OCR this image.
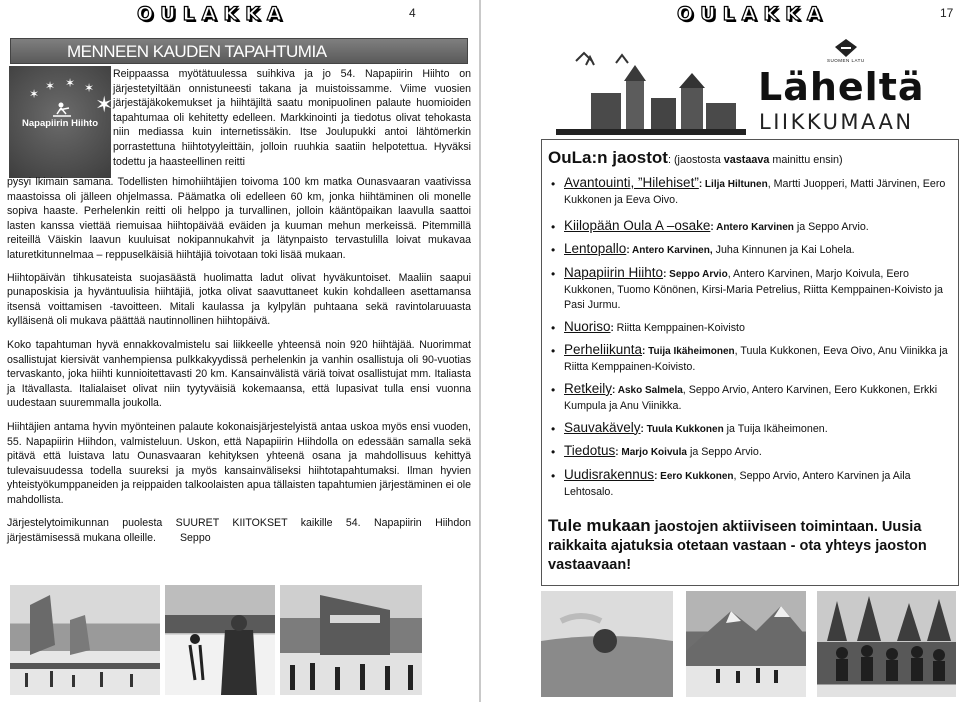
OULAKKA	4
MENNEEN KAUDEN TAPAHTUMIA
✶
✶ ✶ ✶
✶
Napapiirin Hiihto

Reippaassa myötätuulessa suihkiva ja jo 54. Napapiirin Hiihto on järjestetyiltään onnistuneesti takana ja muistoissamme. Viime vuosien järjestäjäkokemukset ja hiihtäjiltä saatu monipuolinen palaute huomioiden tapahtumaa oli kehitetty edelleen. Markkinointi ja tiedotus olivat tehokasta niin mediassa kuin internetissäkin. Itse Joulupukki antoi lähtömerkin porrastettuna hiihtotyyleittäin, jolloin ruuhkia saatiin helpotettua. Hyväksi todettu ja haasteellinen reitti

pysyi lkimain samana. Todellisten himohiihtäjien toivoma 100 km matka Ounasvaaran vaativissa maastoissa oli jälleen ohjelmassa. Päämatka oli edelleen 60 km, jonka hiihtäminen oli monelle sopiva haaste. Perhelenkin reitti oli helppo ja turvallinen, jolloin kääntöpaikan laavulla saattoi lasten kanssa viettää riemuisaa hiihtopäivää eväiden ja kuuman mehun merkeissä. Pitemmillä reiteillä Väiskin laavun kuuluisat nokipannukahvit ja lätynpaisto tervastulilla loivat mukavaa laturetkitunnelmaa – reppuselkäisiä hiihtäjiä toivotaan toki lisää mukaan.

Hiihtopäivän tihkusateista suojasäästä huolimatta ladut olivat hyväkuntoiset. Maaliin saapui punaposkisia ja hyväntuulisia hiihtäjiä, jotka olivat saavuttaneet kukin kohdalleen asettamansa itsensä voittamisen -tavoitteen. Mitali kaulassa ja kylpylän puhtaana sekä ravintolaruuasta kylläisenä oli mukava päättää nautinnollinen hiihtopäivä.

Koko tapahtuman hyvä ennakkovalmistelu sai liikkeelle yhteensä noin 920 hiihtäjää. Nuorimmat osallistujat kiersivät vanhempiensa pulkkakyydissä perhelenkin ja vanhin osallistuja oli 90-vuotias tervaskanto, joka hiihti kunnioitettavasti 20 km. Kansainvälistä väriä toivat osallistujat mm. Italiasta ja Itävallasta. Italialaiset olivat niin tyytyväisiä kokemaansa, että lupasivat tulla ensi vuonna uudestaan suuremmalla joukolla.

Hiihtäjien antama hyvin myönteinen palaute kokonaisjärjestelyistä antaa uskoa myös ensi vuoden, 55. Napapiirin Hiihdon, valmisteluun. Uskon, että Napapiirin Hiihdolla on edessään samalla sekä pitävä että luistava latu Ounasvaaran kehityksen yhteenä osana ja mahdollisuus kehittyä tulevaisuudessa todella suureksi ja myös kansainväliseksi hiihtotapahtumaksi. Ilman hyvien yhteistyökumppaneiden ja reippaiden talkoolaisten apua tällaisten tapahtumien järjestäminen ei ole mahdollista.

Järjestelytoimikunnan puolesta SUURET KIITOKSET kaikille 54. Napapiirin Hiihdon järjestämisessä mukana olleille. Seppo

OULAKKA	17
SUOMEN LATU
Läheltä
LIIKKUMAAN
OuLa:n jaostot: (jaostosta vastaava mainittu ensin)
• Avantouinti, ”Hilehiset”: Lilja Hiltunen, Martti Juopperi, Matti Järvinen, Eero Kukkonen ja Eeva Oivo.
• Kiilopään Oula A –osake: Antero Karvinen ja Seppo Arvio.
• Lentopallo: Antero Karvinen, Juha Kinnunen ja Kai Lohela.
• Napapiirin Hiihto: Seppo Arvio, Antero Karvinen, Marjo Koivula, Eero Kukkonen, Tuomo Könönen, Kirsi-Maria Petrelius, Riitta Kemppainen-Koivisto ja Pasi Jurmu.
• Nuoriso: Riitta Kemppainen-Koivisto
• Perheliikunta: Tuija Ikäheimonen, Tuula Kukkonen, Eeva Oivo, Anu Viinikka ja Riitta Kemppainen-Koivisto.
• Retkeily: Asko Salmela, Seppo Arvio, Antero Karvinen, Eero Kukkonen, Erkki Kumpula ja Anu Viinikka.
• Sauvakävely: Tuula Kukkonen ja Tuija Ikäheimonen.
• Tiedotus: Marjo Koivula ja Seppo Arvio.
• Uudisrakennus: Eero Kukkonen, Seppo Arvio, Antero Karvinen ja Aila Lehtosalo.
Tule mukaan jaostojen aktiiviseen toimintaan. Uusia raikkaita ajatuksia otetaan vastaan - ota yhteys jaoston vastaavaan!
